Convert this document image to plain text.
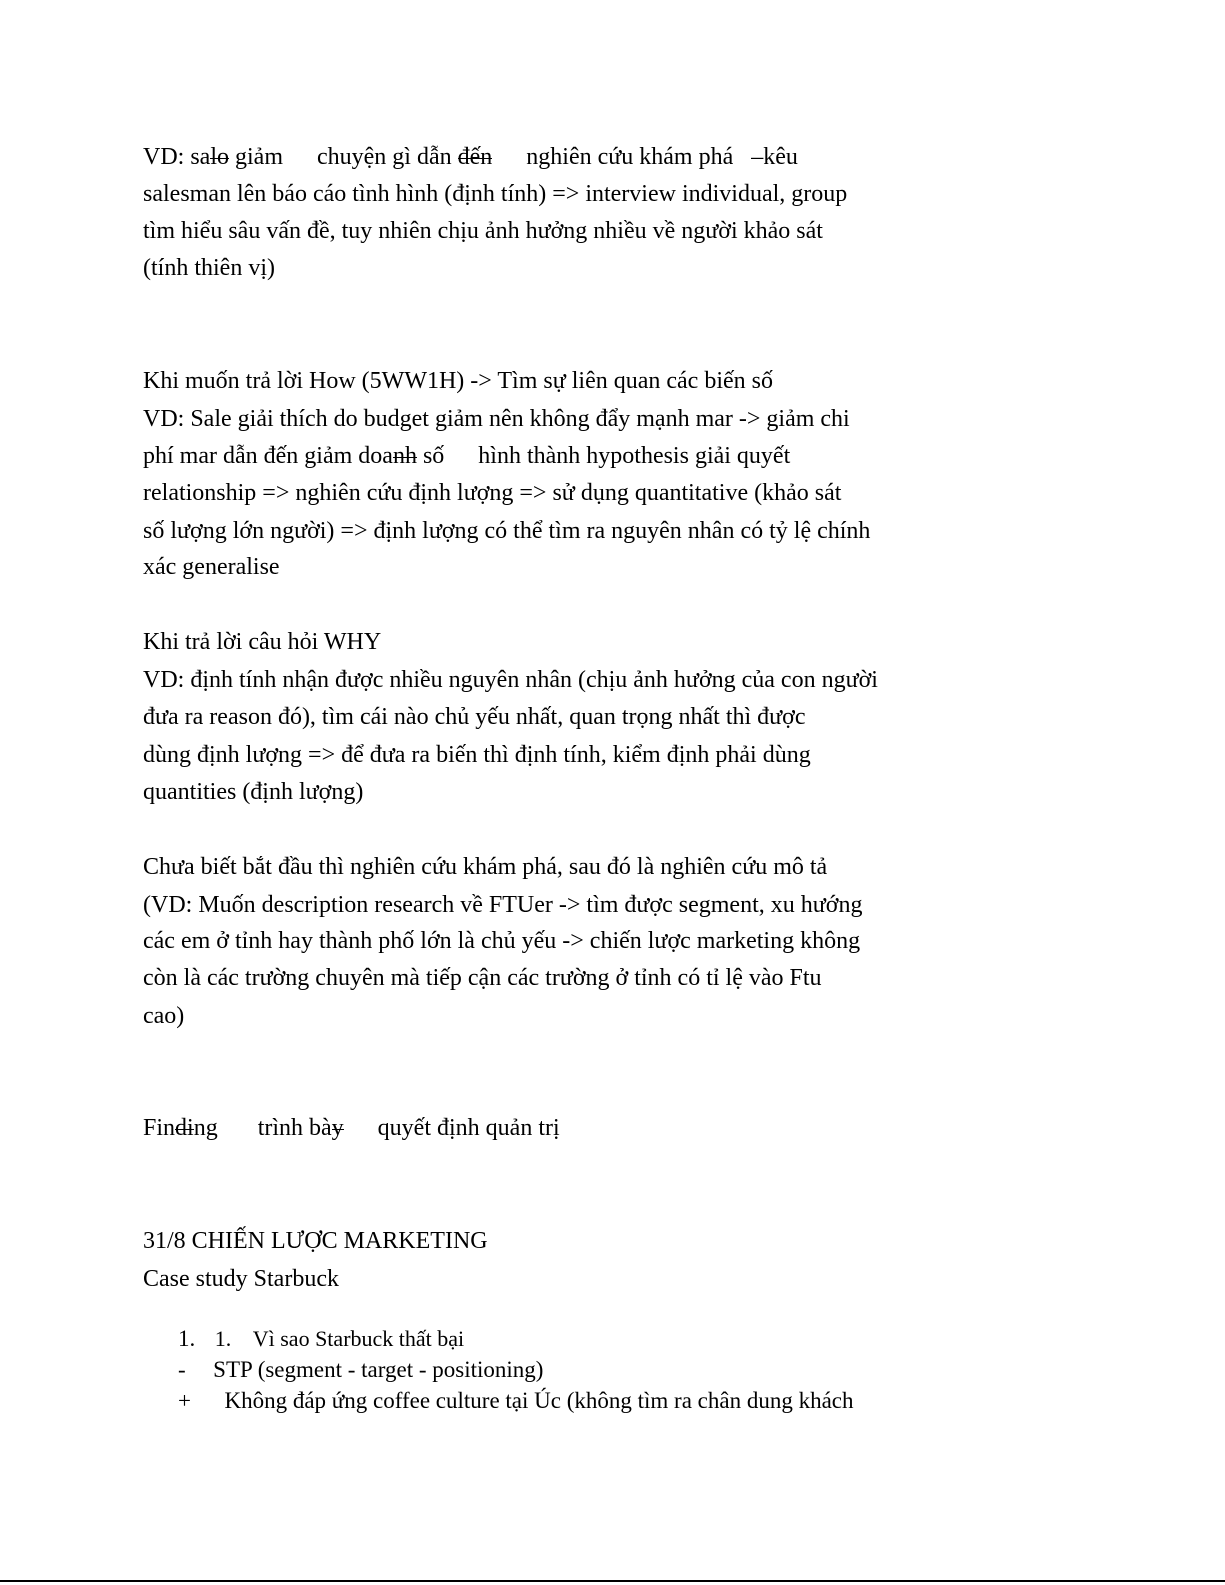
VD: salo giảm chuyện gì dẫn đến nghiên cứu khám phá –kêu

salesman lên báo cáo tình hình (định tính) => interview individual, group

tìm hiểu sâu vấn đề, tuy nhiên chịu ảnh hưởng nhiều về người khảo sát

(tính thiên vị)

Khi muốn trả lời How (5WW1H) -> Tìm sự liên quan các biến số

VD: Sale giải thích do budget giảm nên không đẩy mạnh mar -> giảm chi

phí mar dẫn đến giảm doanh số hình thành hypothesis giải quyết

relationship => nghiên cứu định lượng => sử dụng quantitative (khảo sát

số lượng lớn người) => định lượng có thể tìm ra nguyên nhân có tỷ lệ chính

xác generalise

Khi trả lời câu hỏi WHY

VD: định tính nhận được nhiều nguyên nhân (chịu ảnh hưởng của con người

đưa ra reason đó), tìm cái nào chủ yếu nhất, quan trọng nhất thì được

dùng định lượng => để đưa ra biến thì định tính, kiểm định phải dùng

quantities (định lượng)

Chưa biết bắt đầu thì nghiên cứu khám phá, sau đó là nghiên cứu mô tả

(VD: Muốn description research về FTUer -> tìm được segment, xu hướng

các em ở tỉnh hay thành phố lớn là chủ yếu -> chiến lược marketing không

còn là các trường chuyên mà tiếp cận các trường ở tỉnh có tỉ lệ vào Ftu

cao)

Finding trình bày quyết định quản trị

31/8 CHIẾN LƯỢC MARKETING

Case study Starbuck

1. 1. Vì sao Starbuck thất bại
- STP (segment - target - positioning)
+ Không đáp ứng coffee culture tại Úc (không tìm ra chân dung khách
